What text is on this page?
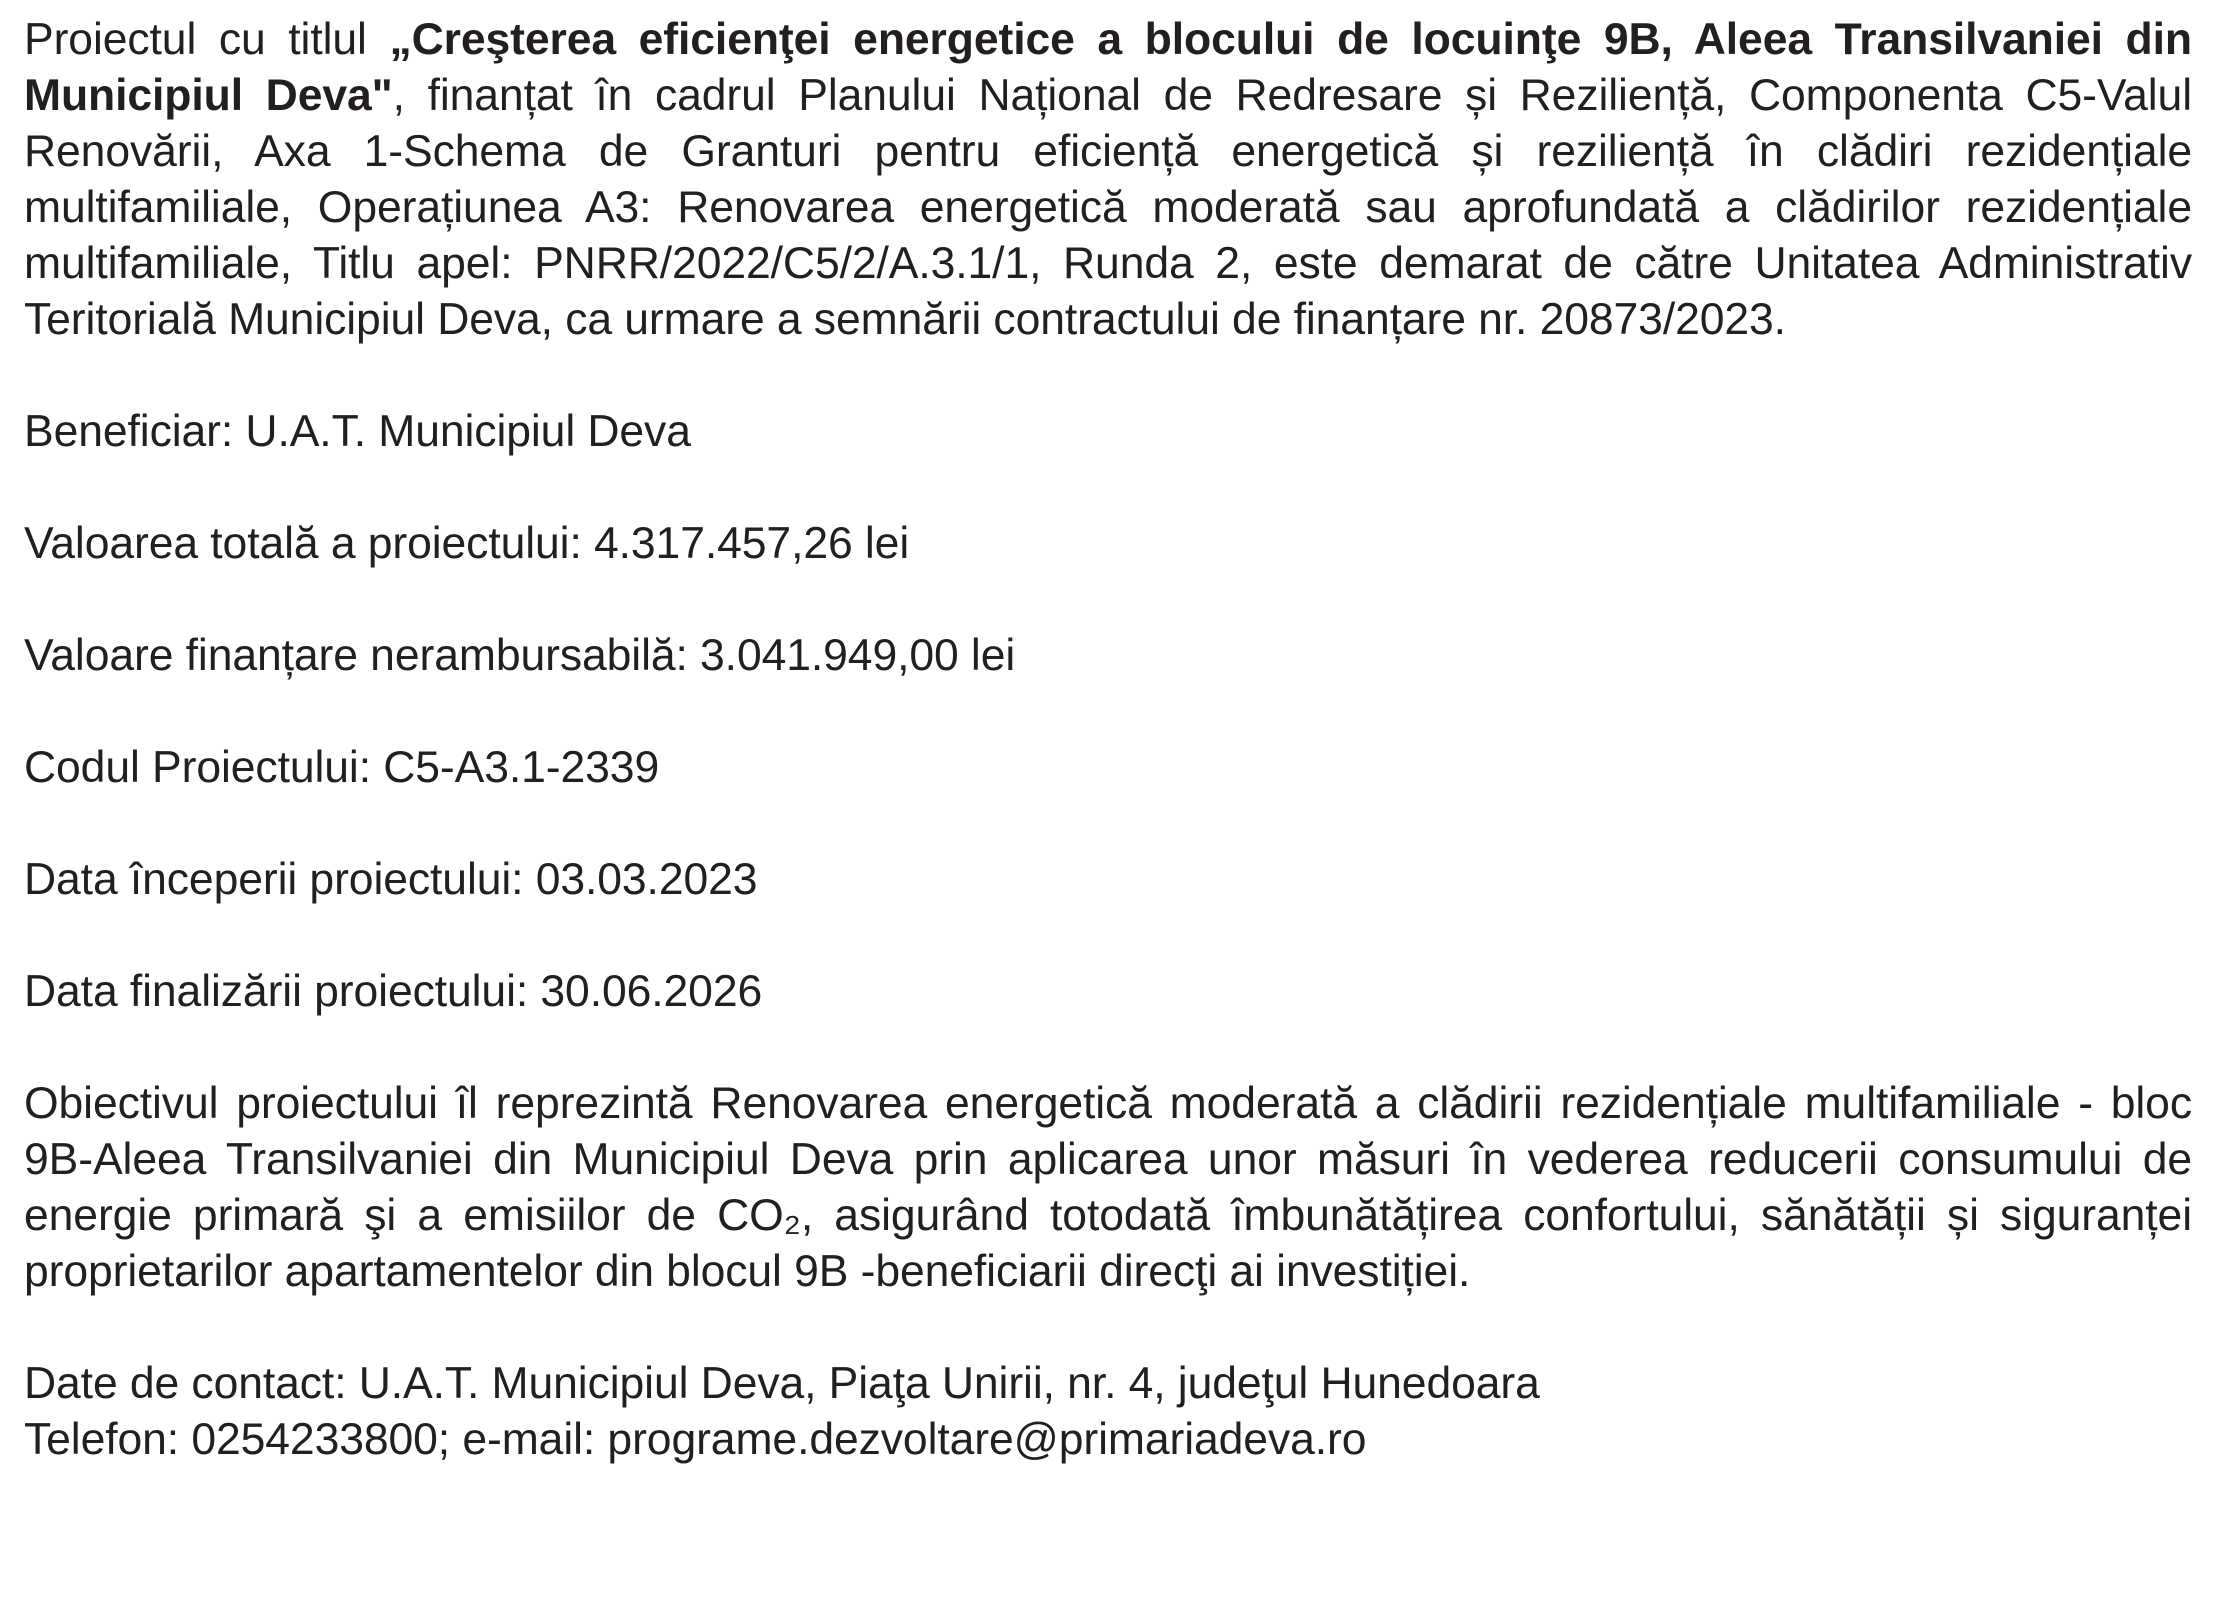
Proiectul cu titlul „Creşterea eficienţei energetice a blocului de locuinţe 9B, Aleea Transilvaniei din Municipiul Deva", finanțat în cadrul Planului Național de Redresare și Reziliență, Componenta C5-Valul Renovării, Axa 1-Schema de Granturi pentru eficiență energetică și reziliență în clădiri rezidențiale multifamiliale, Operațiunea A3: Renovarea energetică moderată sau aprofundată a clădirilor rezidențiale multifamiliale, Titlu apel: PNRR/2022/C5/2/A.3.1/1, Runda 2, este demarat de către Unitatea Administrativ Teritorială Municipiul Deva, ca urmare a semnării contractului de finanțare nr. 20873/2023.

Beneficiar: U.A.T. Municipiul Deva

Valoarea totală a proiectului: 4.317.457,26 lei

Valoare finanțare nerambursabilă: 3.041.949,00 lei

Codul Proiectului: C5-A3.1-2339

Data începerii proiectului: 03.03.2023

Data finalizării proiectului: 30.06.2026

Obiectivul proiectului îl reprezintă Renovarea energetică moderată a clădirii rezidențiale multifamiliale - bloc 9B-Aleea Transilvaniei din Municipiul Deva prin aplicarea unor măsuri în vederea reducerii consumului de energie primară şi a emisiilor de CO₂, asigurând totodată îmbunătățirea confortului, sănătății și siguranței proprietarilor apartamentelor din blocul 9B -beneficiarii direcţi ai investiției.

Date de contact: U.A.T. Municipiul Deva, Piaţa Unirii, nr. 4, judeţul Hunedoara
Telefon: 0254233800; e-mail: programe.dezvoltare@primariadeva.ro
